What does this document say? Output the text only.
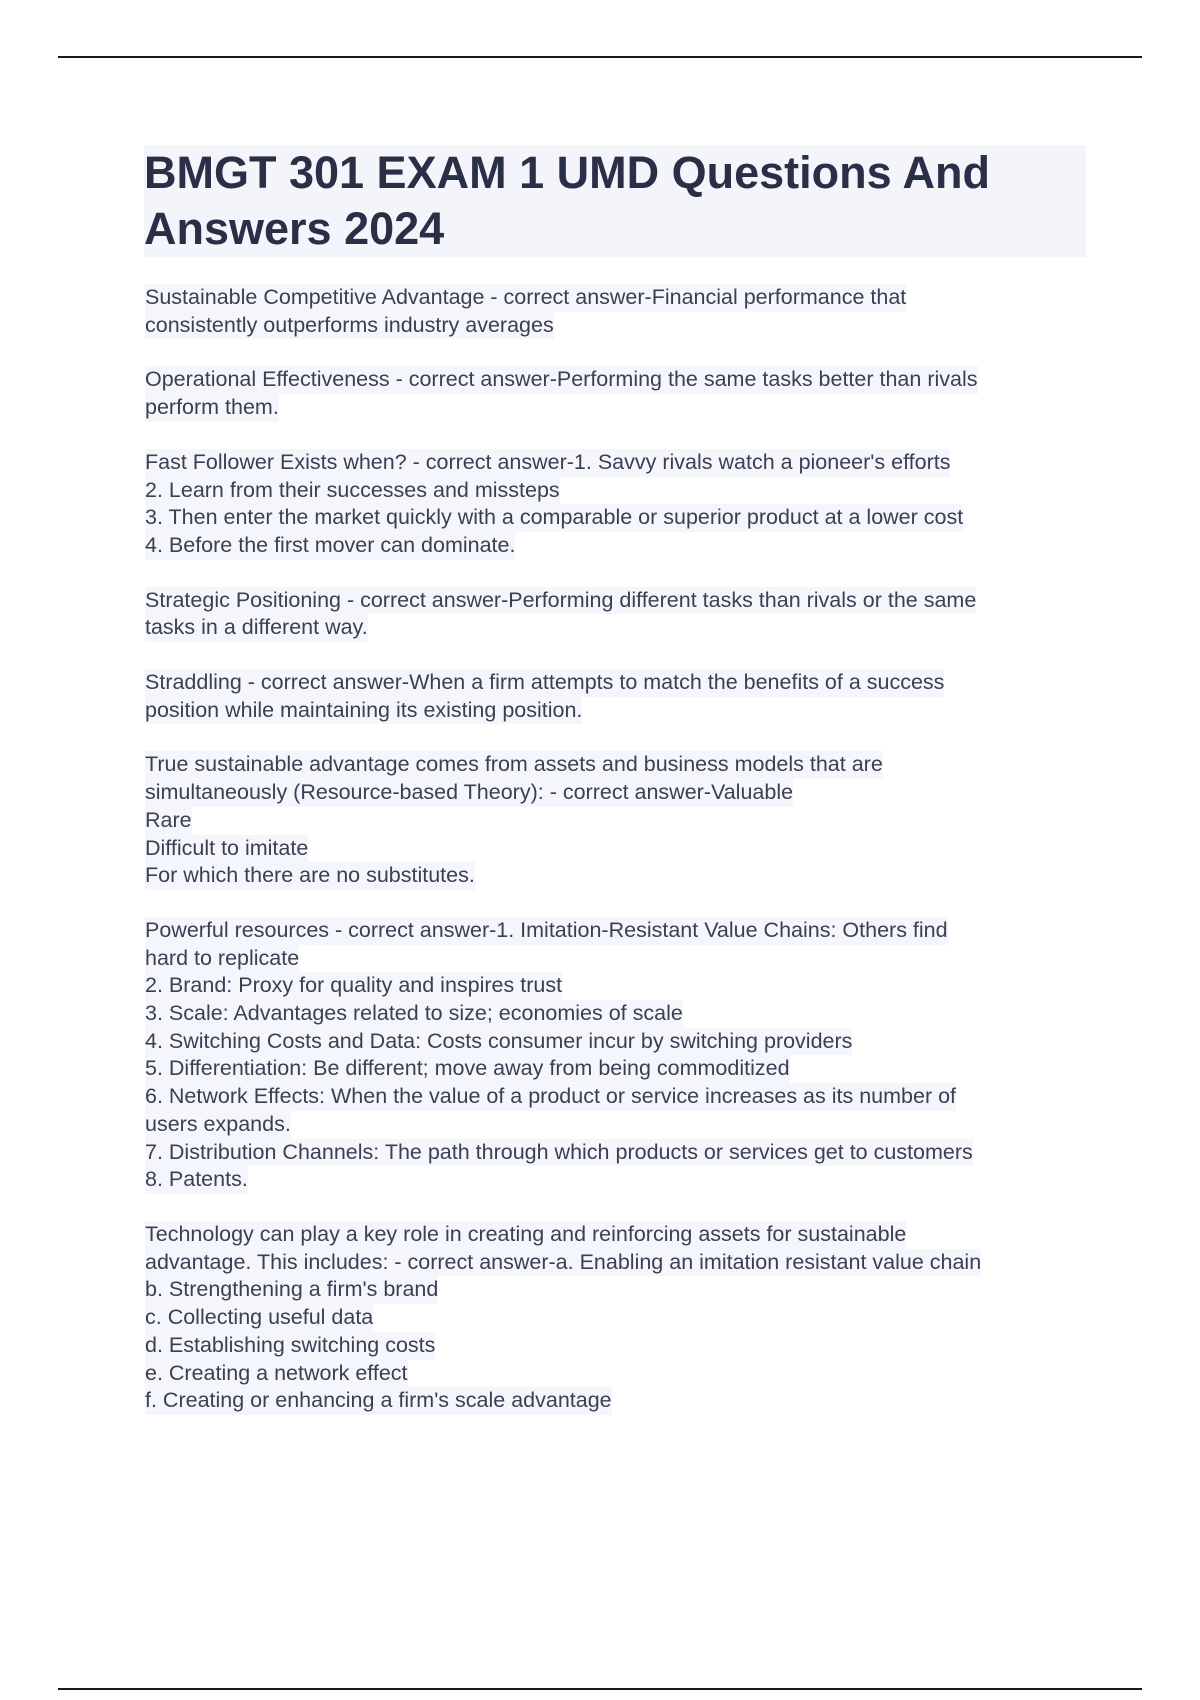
BMGT 301 EXAM 1 UMD Questions And
Answers 2024
Sustainable Competitive Advantage - correct answer-Financial performance that
consistently outperforms industry averages

Operational Effectiveness - correct answer-Performing the same tasks better than rivals
perform them.

Fast Follower Exists when? - correct answer-1. Savvy rivals watch a pioneer's efforts
2. Learn from their successes and missteps
3. Then enter the market quickly with a comparable or superior product at a lower cost
4. Before the first mover can dominate.

Strategic Positioning - correct answer-Performing different tasks than rivals or the same
tasks in a different way.

Straddling - correct answer-When a firm attempts to match the benefits of a success
position while maintaining its existing position.

True sustainable advantage comes from assets and business models that are
simultaneously (Resource-based Theory): - correct answer-Valuable
Rare
Difficult to imitate
For which there are no substitutes.

Powerful resources - correct answer-1. Imitation-Resistant Value Chains: Others find
hard to replicate
2. Brand: Proxy for quality and inspires trust
3. Scale: Advantages related to size; economies of scale
4. Switching Costs and Data: Costs consumer incur by switching providers
5. Differentiation: Be different; move away from being commoditized
6. Network Effects: When the value of a product or service increases as its number of
users expands.
7. Distribution Channels: The path through which products or services get to customers
8. Patents.

Technology can play a key role in creating and reinforcing assets for sustainable
advantage. This includes: - correct answer-a. Enabling an imitation resistant value chain
b. Strengthening a firm's brand
c. Collecting useful data
d. Establishing switching costs
e. Creating a network effect
f. Creating or enhancing a firm's scale advantage
